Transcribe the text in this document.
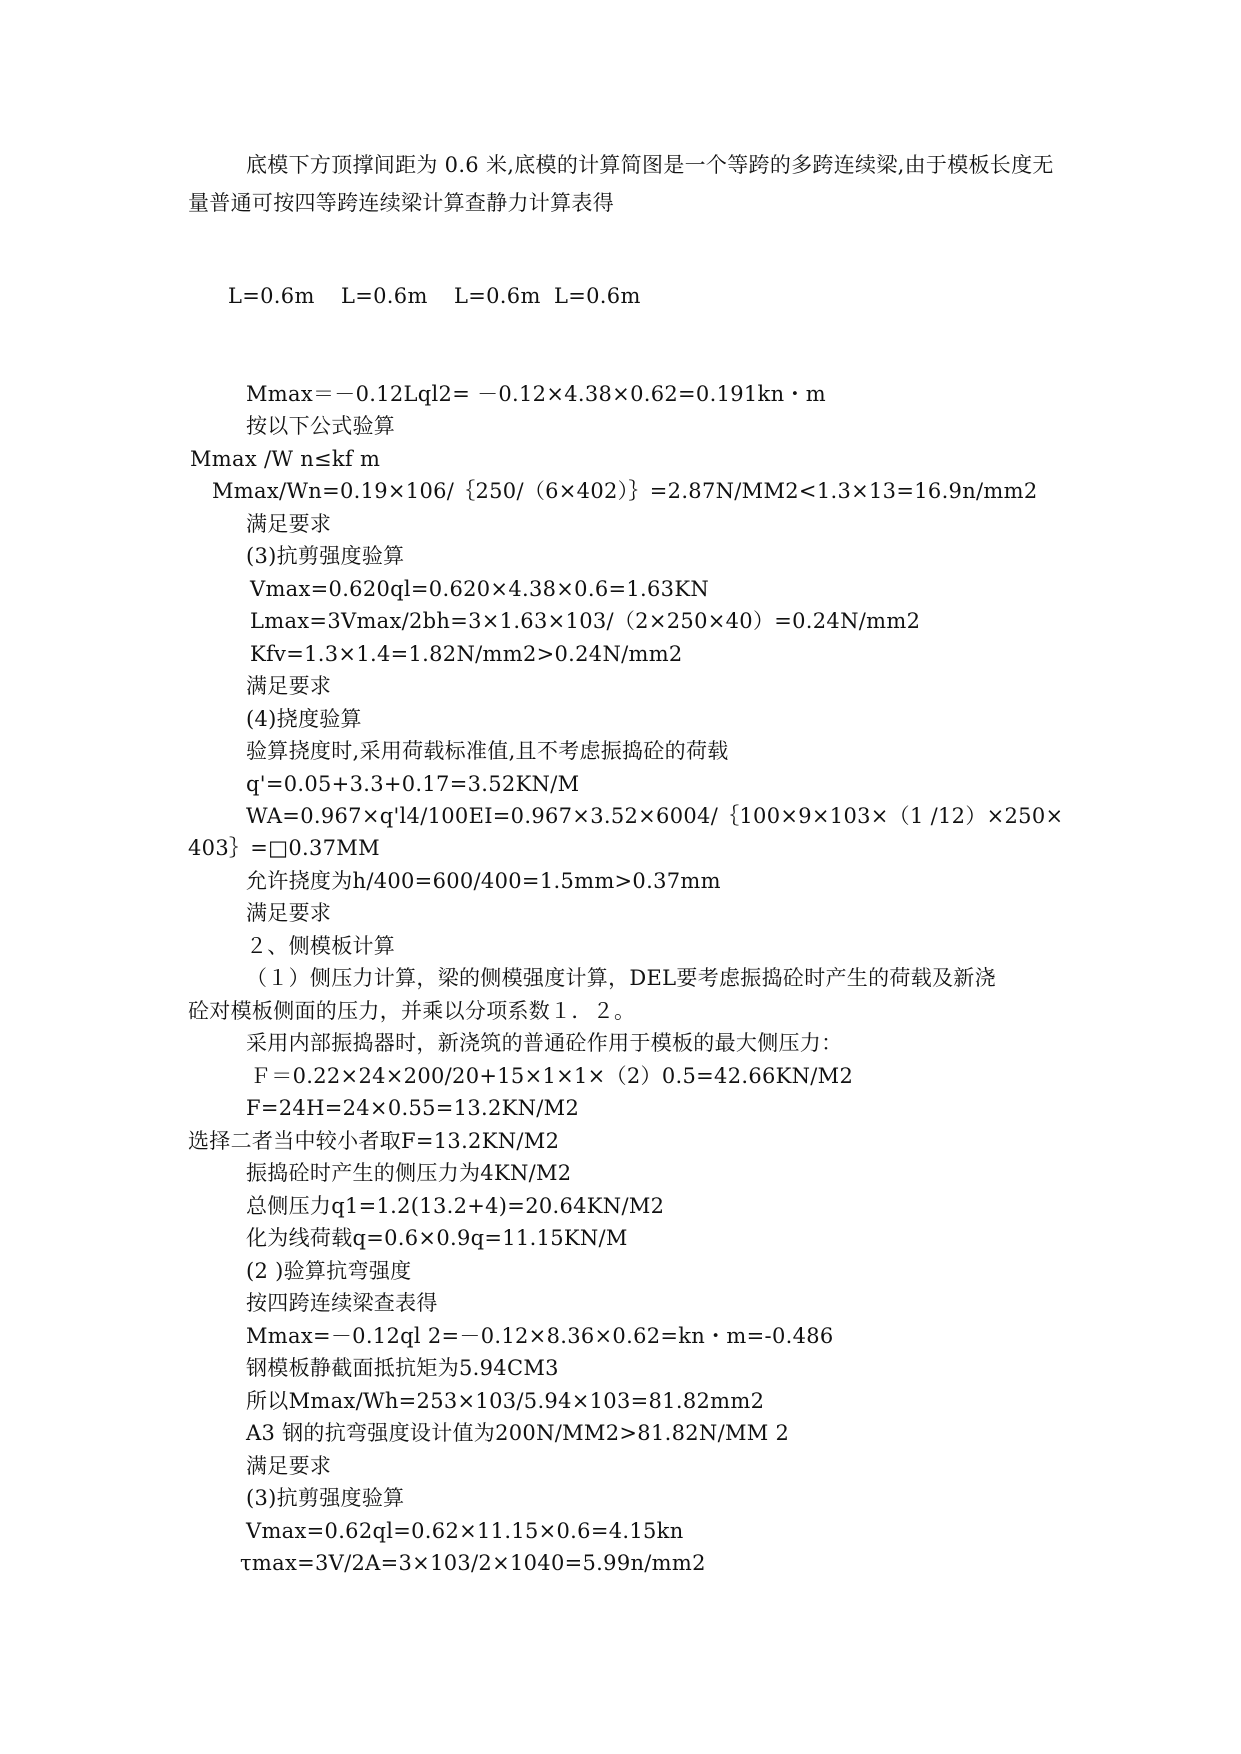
底模下方顶撑间距为 0.6 米,底模的计算简图是一个等跨的多跨连续梁,由于模板长度无量普通可按四等跨连续梁计算查静力计算表得
L=0.6m	L=0.6m	L=0.6m L=0.6m
Mmax＝－0.12Lql2= －0.12×4.38×0.62=0.191kn・m
按以下公式验算
Mmax /W n≤kf m
Mmax/Wn=0.19×106/｛250/（6×402）｝=2.87N/MM2<1.3×13=16.9n/mm2
满足要求
(3)抗剪强度验算
Vmax=0.620ql=0.620×4.38×0.6=1.63KN
Lmax=3Vmax/2bh=3×1.63×103/（2×250×40）=0.24N/mm2
Kfv=1.3×1.4=1.82N/mm2>0.24N/mm2
满足要求
(4)挠度验算
验算挠度时,采用荷载标准值,且不考虑振捣砼的荷载
q'=0.05+3.3+0.17=3.52KN/M
WA=0.967×q'l4/100EI=0.967×3.52×6004/｛100×9×103×（1 /12）×250×
403｝=□0.37MM
允许挠度为h/400=600/400=1.5mm>0.37mm
满足要求
２、侧模板计算
（１）侧压力计算，梁的侧模强度计算，DEL要考虑振捣砼时产生的荷载及新浇
砼对模板侧面的压力，并乘以分项系数１．２。
采用内部振捣器时，新浇筑的普通砼作用于模板的最大侧压力：
Ｆ＝0.22×24×200/20+15×1×1×（2）0.5=42.66KN/M2
F=24H=24×0.55=13.2KN/M2
选择二者当中较小者取F=13.2KN/M2
振捣砼时产生的侧压力为4KN/M2
总侧压力q1=1.2(13.2+4)=20.64KN/M2
化为线荷载q=0.6×0.9q=11.15KN/M
(2 )验算抗弯强度
按四跨连续梁查表得
Mmax=－0.12ql 2=－0.12×8.36×0.62=kn・m=-0.486
钢模板静截面抵抗矩为5.94CM3
所以Mmax/Wh=253×103/5.94×103=81.82mm2
A3 钢的抗弯强度设计值为200N/MM2>81.82N/MM 2
满足要求
(3)抗剪强度验算
Vmax=0.62ql=0.62×11.15×0.6=4.15kn
τmax=3V/2A=3×103/2×1040=5.99n/mm2
